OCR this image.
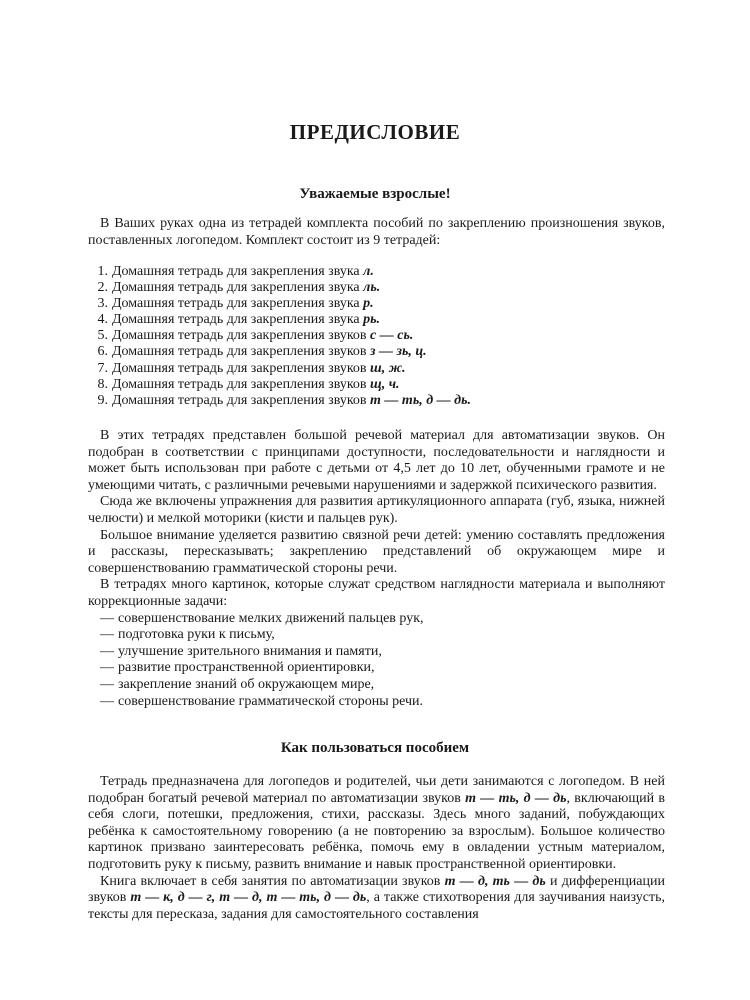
ПРЕДИСЛОВИЕ
Уважаемые взрослые!

В Ваших руках одна из тетрадей комплекта пособий по закреплению произношения звуков, поставленных логопедом. Комплект состоит из 9 тетрадей:

1. Домашняя тетрадь для закрепления звука л.
2. Домашняя тетрадь для закрепления звука ль.
3. Домашняя тетрадь для закрепления звука р.
4. Домашняя тетрадь для закрепления звука рь.
5. Домашняя тетрадь для закрепления звуков с — сь.
6. Домашняя тетрадь для закрепления звуков з — зь, ц.
7. Домашняя тетрадь для закрепления звуков ш, ж.
8. Домашняя тетрадь для закрепления звуков щ, ч.
9. Домашняя тетрадь для закрепления звуков т — ть, д — дь.

В этих тетрадях представлен большой речевой материал для автоматизации звуков. Он подобран в соответствии с принципами доступности, последовательности и наглядности и может быть использован при работе с детьми от 4,5 лет до 10 лет, обученными грамоте и не умеющими читать, с различными речевыми нарушениями и задержкой психического развития.

Сюда же включены упражнения для развития артикуляционного аппарата (губ, языка, нижней челюсти) и мелкой моторики (кисти и пальцев рук).

Большое внимание уделяется развитию связной речи детей: умению составлять предложения и рассказы, пересказывать; закреплению представлений об окружающем мире и совершенствованию грамматической стороны речи.

В тетрадях много картинок, которые служат средством наглядности материала и выполняют коррекционные задачи:

— совершенствование мелких движений пальцев рук,
— подготовка руки к письму,
— улучшение зрительного внимания и памяти,
— развитие пространственной ориентировки,
— закрепление знаний об окружающем мире,
— совершенствование грамматической стороны речи.
Как пользоваться пособием

Тетрадь предназначена для логопедов и родителей, чьи дети занимаются с логопедом. В ней подобран богатый речевой материал по автоматизации звуков т — ть, д — дь, включающий в себя слоги, потешки, предложения, стихи, рассказы. Здесь много заданий, побуждающих ребёнка к самостоятельному говорению (а не повторению за взрослым). Большое количество картинок призвано заинтересовать ребёнка, помочь ему в овладении устным материалом, подготовить руку к письму, развить внимание и навык пространственной ориентировки.

Книга включает в себя занятия по автоматизации звуков т — д, ть — дь и дифференциации звуков т — к, д — г, т — д, т — ть, д — дь, а также стихотворения для заучивания наизусть, тексты для пересказа, задания для самостоятельного составления
